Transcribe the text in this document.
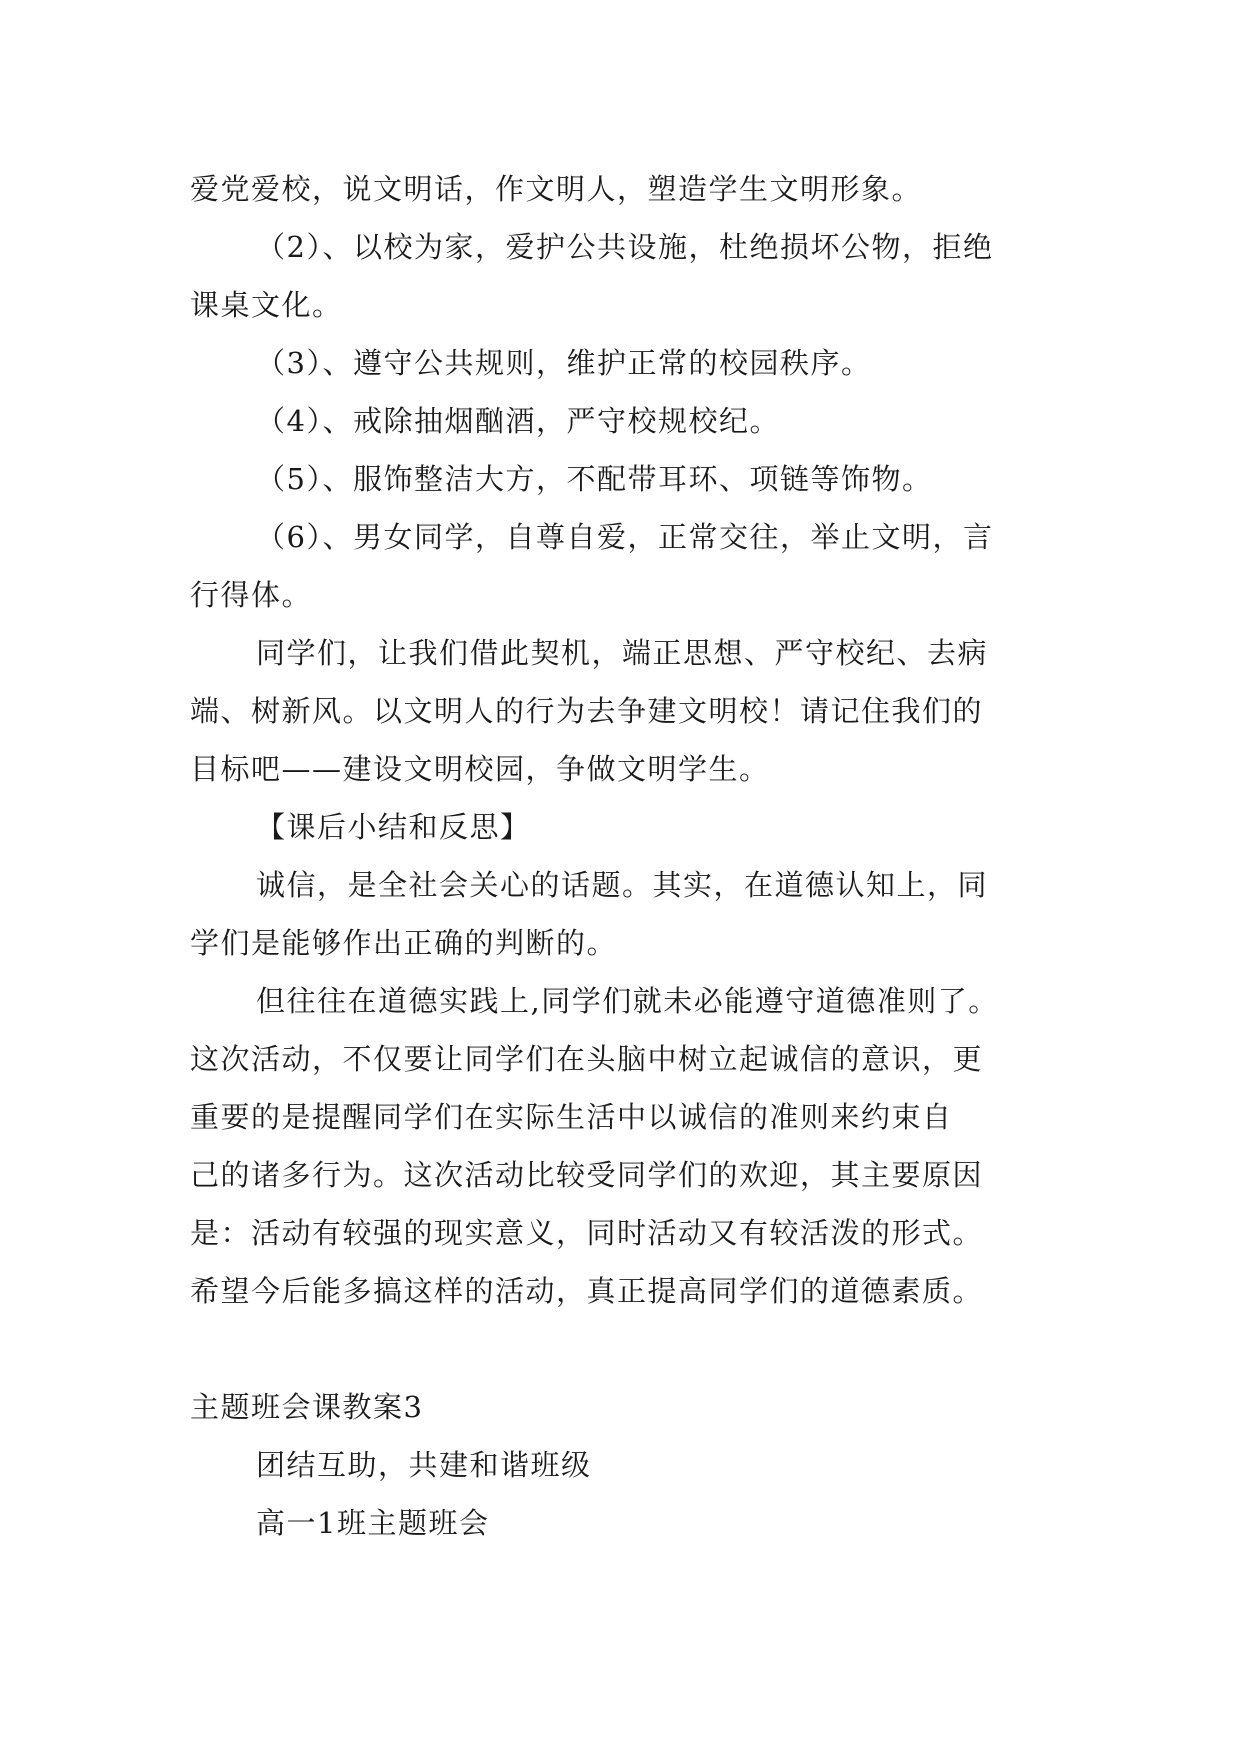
爱党爱校，说文明话，作文明人，塑造学生文明形象。
（2）、以校为家，爱护公共设施，杜绝损坏公物，拒绝
课桌文化。
（3）、遵守公共规则，维护正常的校园秩序。
（4）、戒除抽烟酗酒，严守校规校纪。
（5）、服饰整洁大方，不配带耳环、项链等饰物。
（6）、男女同学，自尊自爱，正常交往，举止文明，言
行得体。
同学们，让我们借此契机，端正思想、严守校纪、去病
端、树新风。以文明人的行为去争建文明校！请记住我们的
目标吧——建设文明校园，争做文明学生。
【课后小结和反思】
诚信，是全社会关心的话题。其实，在道德认知上，同
学们是能够作出正确的判断的。
但往往在道德实践上,同学们就未必能遵守道德准则了。
这次活动，不仅要让同学们在头脑中树立起诚信的意识，更
重要的是提醒同学们在实际生活中以诚信的准则来约束自
己的诸多行为。这次活动比较受同学们的欢迎，其主要原因
是：活动有较强的现实意义，同时活动又有较活泼的形式。
希望今后能多搞这样的活动，真正提高同学们的道德素质。
主题班会课教案3
团结互助，共建和谐班级
高一1班主题班会
